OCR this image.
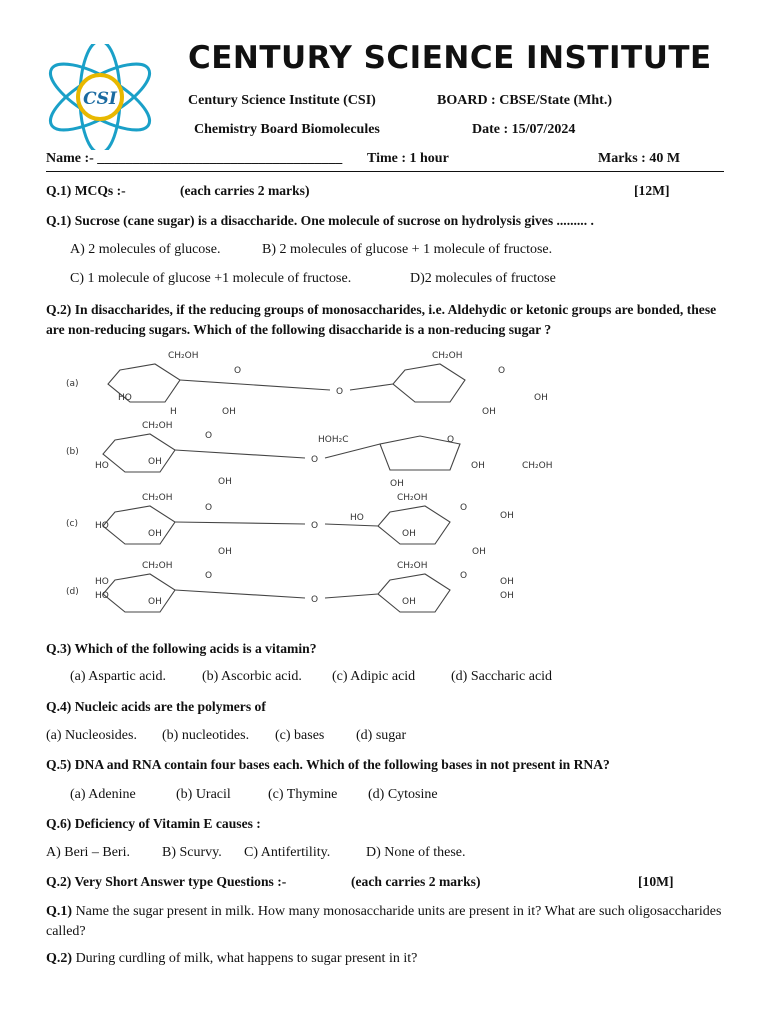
CSI
CENTURY SCIENCE INSTITUTE
Century Science Institute (CSI)	BOARD : CBSE/State (Mht.)
Chemistry Board Biomolecules	Date : 15/07/2024
Name :- ___________________________________ Time : 1 hour	Marks : 40 M
Q.1) MCQs :-	(each carries 2 marks)	[12M]
Q.1) Sucrose (cane sugar) is a disaccharide. One molecule of sucrose on hydrolysis gives ......... .
A) 2 molecules of glucose.	B) 2 molecules of glucose + 1 molecule of fructose.
C) 1 molecule of glucose +1 molecule of fructose.	D)2 molecules of fructose
Q.2) In disaccharides, if the reducing groups of monosaccharides, i.e. Aldehydic or ketonic groups are bonded, these are non-reducing sugars. Which of the following disaccharide is a non-reducing sugar ?
(a)
(b)
(c)
(d)
CH₂OH	CH₂OH
O	O
O
HO
H	OH	OH
OH
CH₂OH
O	HOH₂C	O
O
HO	OH
OH	OH
OH	CH₂OH
CH₂OH	CH₂OH
O	O
O
HO
HO
OH	OH
OH	OH
OH
CH₂OH	CH₂OH
O	O
O
HO
HO
OH	OH
OH
OH
Q.3) Which of the following acids is a vitamin?
(a) Aspartic acid.	(b) Ascorbic acid. (c) Adipic acid	(d) Saccharic acid
Q.4) Nucleic acids are the polymers of
(a) Nucleosides. (b) nucleotides. (c) bases (d) sugar
Q.5) DNA and RNA contain four bases each. Which of the following bases in not present in RNA?
(a) Adenine	(b) Uracil	(c) Thymine (d) Cytosine
Q.6) Deficiency of Vitamin E causes :
A) Beri – Beri. B) Scurvy. C) Antifertility.	D) None of these.
Q.2) Very Short Answer type Questions :-	(each carries 2 marks)	[10M]
Q.1) Name the sugar present in milk. How many monosaccharide units are present in it? What are such oligosaccharides called?
Q.2) During curdling of milk, what happens to sugar present in it?
